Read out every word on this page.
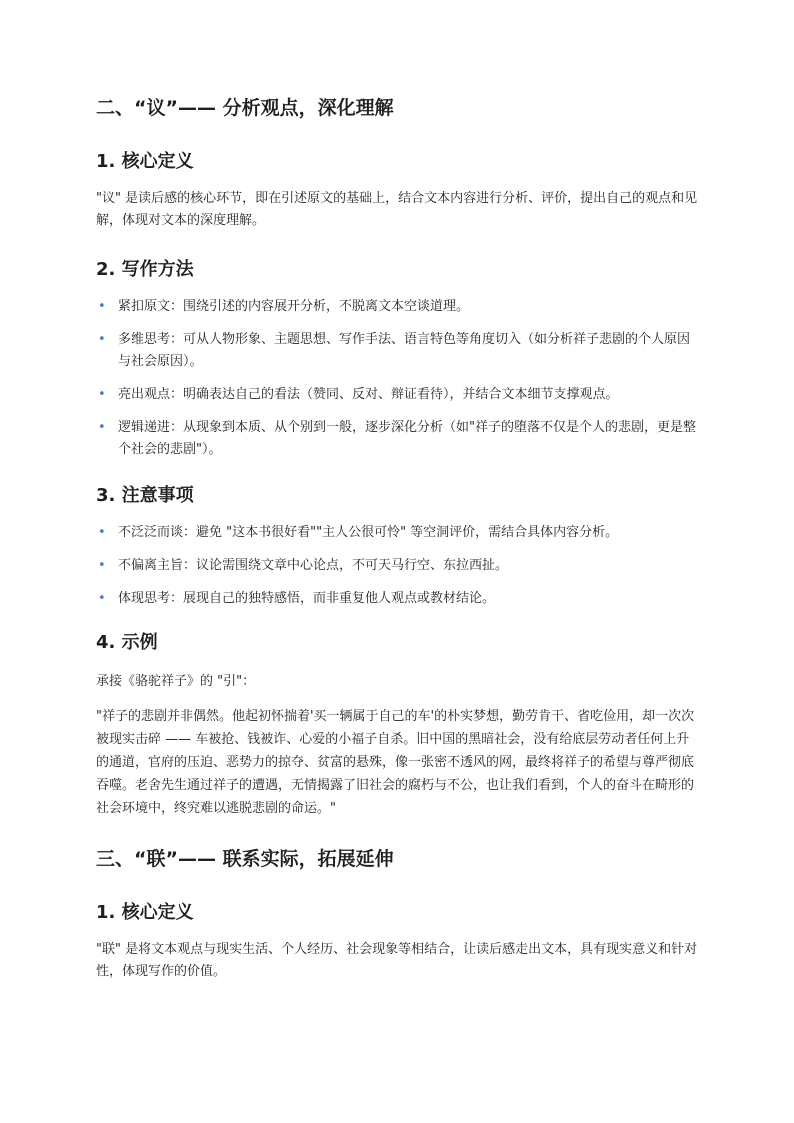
二、“议”—— 分析观点，深化理解
1. 核心定义

"议" 是读后感的核心环节，即在引述原文的基础上，结合文本内容进行分析、评价，提出自己的观点和见解，体现对文本的深度理解。

2. 写作方法
• 紧扣原文：围绕引述的内容展开分析，不脱离文本空谈道理。
• 多维思考：可从人物形象、主题思想、写作手法、语言特色等角度切入（如分析祥子悲剧的个人原因与社会原因）。
• 亮出观点：明确表达自己的看法（赞同、反对、辩证看待），并结合文本细节支撑观点。
• 逻辑递进：从现象到本质、从个别到一般，逐步深化分析（如"祥子的堕落不仅是个人的悲剧，更是整个社会的悲剧"）。
3. 注意事项
• 不泛泛而谈：避免 "这本书很好看""主人公很可怜" 等空洞评价，需结合具体内容分析。
• 不偏离主旨：议论需围绕文章中心论点，不可天马行空、东拉西扯。
• 体现思考：展现自己的独特感悟，而非重复他人观点或教材结论。
4. 示例

承接《骆驼祥子》的 "引"：

"祥子的悲剧并非偶然。他起初怀揣着'买一辆属于自己的车'的朴实梦想，勤劳肯干、省吃俭用，却一次次被现实击碎 —— 车被抢、钱被诈、心爱的小福子自杀。旧中国的黑暗社会，没有给底层劳动者任何上升的通道，官府的压迫、恶势力的掠夺、贫富的悬殊，像一张密不透风的网，最终将祥子的希望与尊严彻底吞噬。老舍先生通过祥子的遭遇，无情揭露了旧社会的腐朽与不公，也让我们看到，个人的奋斗在畸形的社会环境中，终究难以逃脱悲剧的命运。"

三、“联”—— 联系实际，拓展延伸
1. 核心定义

"联" 是将文本观点与现实生活、个人经历、社会现象等相结合，让读后感走出文本，具有现实意义和针对性，体现写作的价值。
